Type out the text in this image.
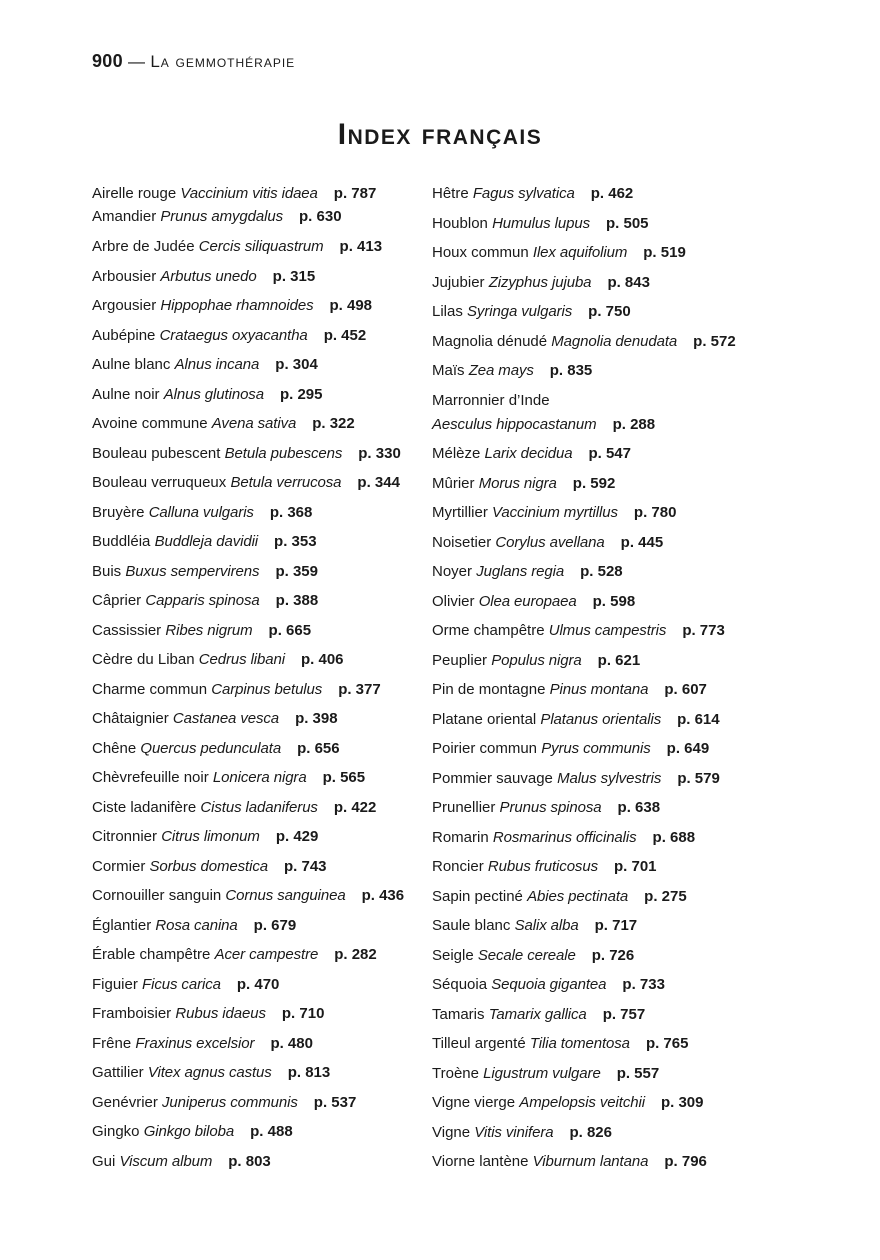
900 — La gemmothérapie
Index français
Airelle rouge Vaccinium vitis idaea p. 787
Amandier Prunus amygdalus p. 630
Arbre de Judée Cercis siliquastrum p. 413
Arbousier Arbutus unedo p. 315
Argousier Hippophae rhamnoides p. 498
Aubépine Crataegus oxyacantha p. 452
Aulne blanc Alnus incana p. 304
Aulne noir Alnus glutinosa p. 295
Avoine commune Avena sativa p. 322
Bouleau pubescent Betula pubescens p. 330
Bouleau verruqueux Betula verrucosa p. 344
Bruyère Calluna vulgaris p. 368
Buddléia Buddleja davidii p. 353
Buis Buxus sempervirens p. 359
Câprier Capparis spinosa p. 388
Cassissier Ribes nigrum p. 665
Cèdre du Liban Cedrus libani p. 406
Charme commun Carpinus betulus p. 377
Châtaignier Castanea vesca p. 398
Chêne Quercus pedunculata p. 656
Chèvrefeuille noir Lonicera nigra p. 565
Ciste ladanifère Cistus ladaniferus p. 422
Citronnier Citrus limonum p. 429
Cormier Sorbus domestica p. 743
Cornouiller sanguin Cornus sanguinea p. 436
Églantier Rosa canina p. 679
Érable champêtre Acer campestre p. 282
Figuier Ficus carica p. 470
Framboisier Rubus idaeus p. 710
Frêne Fraxinus excelsior p. 480
Gattilier Vitex agnus castus p. 813
Genévrier Juniperus communis p. 537
Gingko Ginkgo biloba p. 488
Gui Viscum album p. 803
Hêtre Fagus sylvatica p. 462
Houblon Humulus lupus p. 505
Houx commun Ilex aquifolium p. 519
Jujubier Zizyphus jujuba p. 843
Lilas Syringa vulgaris p. 750
Magnolia dénudé Magnolia denudata p. 572
Maïs Zea mays p. 835
Marronnier d’Inde
Aesculus hippocastanum p. 288
Mélèze Larix decidua p. 547
Mûrier Morus nigra p. 592
Myrtillier Vaccinium myrtillus p. 780
Noisetier Corylus avellana p. 445
Noyer Juglans regia p. 528
Olivier Olea europaea p. 598
Orme champêtre Ulmus campestris p. 773
Peuplier Populus nigra p. 621
Pin de montagne Pinus montana p. 607
Platane oriental Platanus orientalis p. 614
Poirier commun Pyrus communis p. 649
Pommier sauvage Malus sylvestris p. 579
Prunellier Prunus spinosa p. 638
Romarin Rosmarinus officinalis p. 688
Roncier Rubus fruticosus p. 701
Sapin pectiné Abies pectinata p. 275
Saule blanc Salix alba p. 717
Seigle Secale cereale p. 726
Séquoia Sequoia gigantea p. 733
Tamaris Tamarix gallica p. 757
Tilleul argenté Tilia tomentosa p. 765
Troène Ligustrum vulgare p. 557
Vigne vierge Ampelopsis veitchii p. 309
Vigne Vitis vinifera p. 826
Viorne lantène Viburnum lantana p. 796
